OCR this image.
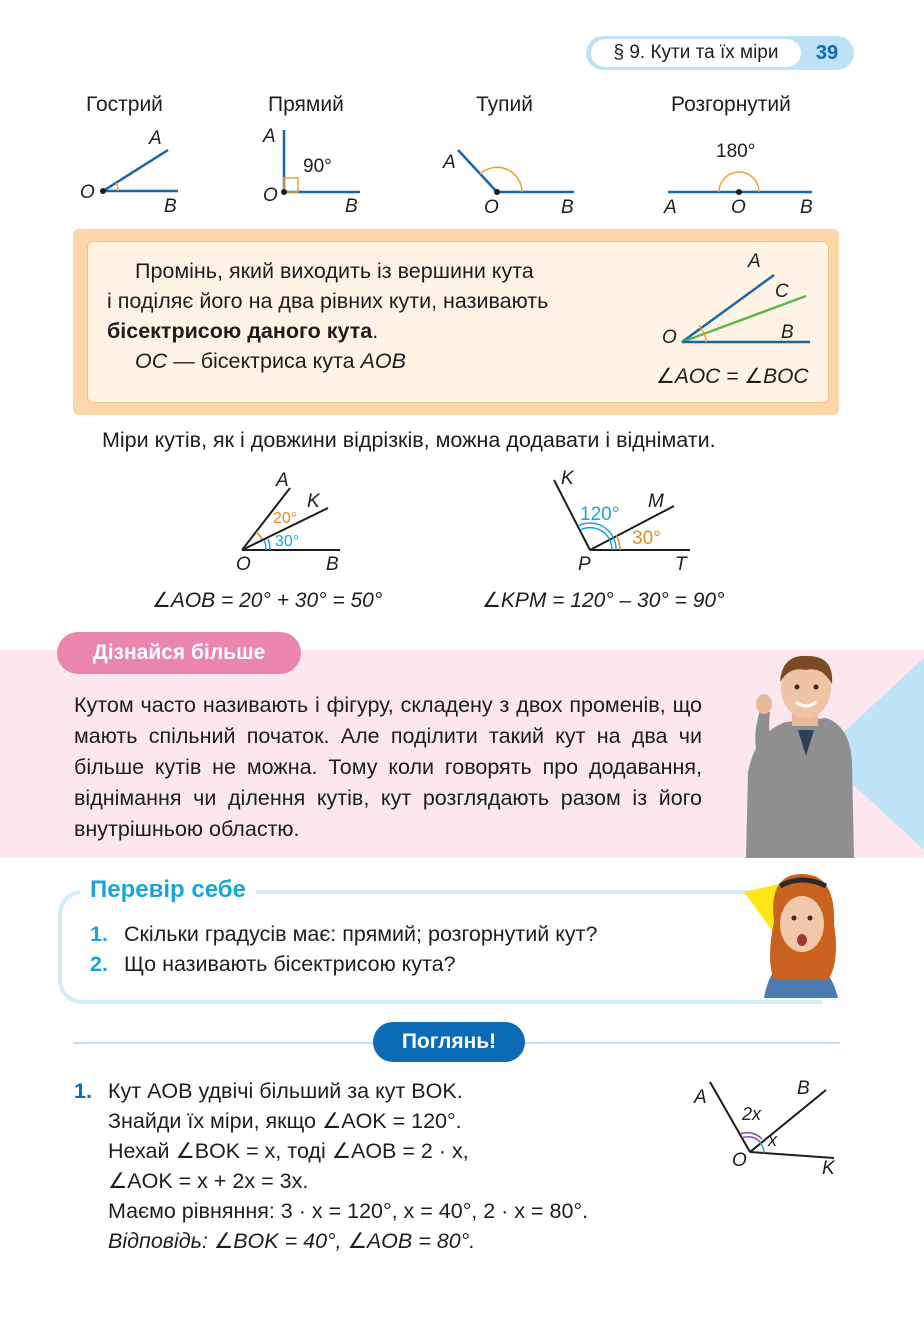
§ 9. Кути та їх міри	39
Гострий	Прямий	Тупий	Розгорнутий
A
O
B
A
90°
O
B
A
O	B
180°
A	O	B

Промінь, який виходить із вершини кута

і поділяє його на два рівних кути, називають

бісектрисою даного кута.

OC — бісектриса кута AOB

A
C
B
O
∠AOC = ∠BOC
Міри кутів, як і довжини відрізків, можна додавати і віднімати.
A
K
20°
30°
O	B
∠AOB = 20° + 30° = 50°
K
M
120°
30°
P	T
∠KPM = 120° – 30° = 90°
Дізнайся більше

Кутом часто називають і фігуру, складену з двох променів, що мають спільний початок. Але поділити такий кут на два чи більше кутів не можна. Тому коли говорять про додавання, віднімання чи ділення кутів, кут розглядають разом із його внутрішньою областю.

Перевір себе
1. Скільки градусів має: прямий; розгорнутий кут?
2. Що називають бісектрисою кута?
Поглянь!
1. Кут AOB удвічі більший за кут BOK.
Знайди їх міри, якщо ∠AOK = 120°.
Нехай ∠BOK = x, тоді ∠AOB = 2 · x,
∠AOK = x + 2x = 3x.
Маємо рівняння: 3 · x = 120°, x = 40°, 2 · x = 80°.
Відповідь: ∠BOK = 40°, ∠AOB = 80°.
A	B
2x
x
O	K
